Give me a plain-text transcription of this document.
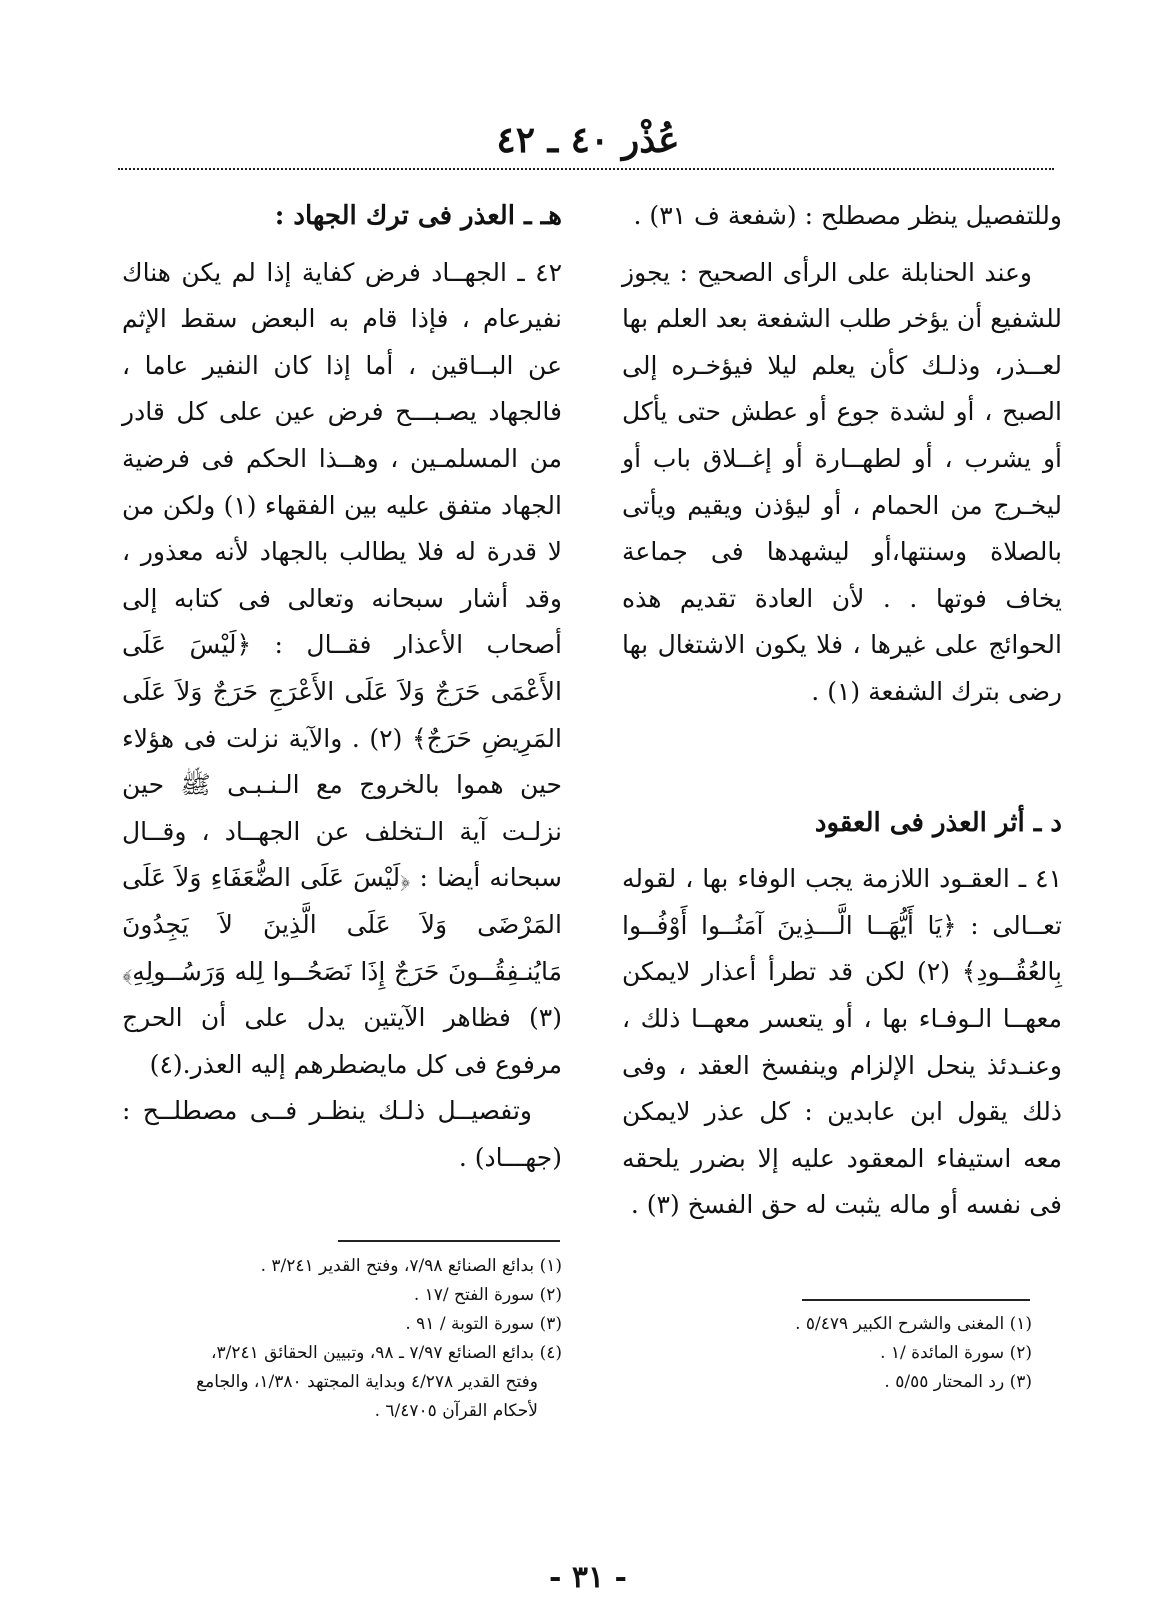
عُذْر ٤٠ ـ ٤٢

وللتفصيل ينظر مصطلح : (شفعة ف ٣١) .

وعند الحنابلة على الرأى الصحيح : يجوز للشفيع أن يؤخر طلب الشفعة بعد العلم بها لعــذر، وذلـك كأن يعلم ليلا فيؤخـره إلى الصبح ، أو لشدة جوع أو عطش حتى يأكل أو يشرب ، أو لطهــارة أو إغــلاق باب أو ليخـرج من الحمام ، أو ليؤذن ويقيم ويأتى بالصلاة وسنتها،أو ليشهدها فى جماعة يخاف فوتها . . لأن العادة تقديم هذه الحوائج على غيرها ، فلا يكون الاشتغال بها رضى بترك الشفعة (١) .

د ـ أثر العذر فى العقود

٤١ ـ العقـود اللازمة يجب الوفاء بها ، لقوله تعــالى : ﴿يَا أَيُّهَــا الَّـــذِينَ آمَنُــوا أَوْفُــوا بِالعُقُــودِ﴾ (٢) لكن قد تطرأ أعذار لايمكن معهــا الـوفـاء بها ، أو يتعسر معهــا ذلك ، وعنـدئذ ينحل الإلزام وينفسخ العقد ، وفى ذلك يقول ابن عابدين : كل عذر لايمكن معه استيفاء المعقود عليه إلا بضرر يلحقه فى نفسه أو ماله يثبت له حق الفسخ (٣) .

هـ ـ العذر فى ترك الجهاد :

٤٢ ـ الجهــاد فرض كفاية إذا لم يكن هناك نفيرعام ، فإذا قام به البعض سقط الإثم عن البــاقين ، أما إذا كان النفير عاما ، فالجهاد يصـبـــح فرض عين على كل قادر من المسلمـين ، وهــذا الحكم فى فرضية الجهاد متفق عليه بين الفقهاء (١) ولكن من لا قدرة له فلا يطالب بالجهاد لأنه معذور ، وقد أشار سبحانه وتعالى فى كتابه إلى أصحاب الأعذار فقــال : ﴿لَيْسَ عَلَى الأَعْمَى حَرَجٌ وَلاَ عَلَى الأَعْرَجِ حَرَجٌ وَلاَ عَلَى المَرِيضِ حَرَجٌ﴾ (٢) . والآية نزلت فى هؤلاء حين هموا بالخروج مع الـنـبـى ﷺ حين نزلـت آية الـتخلف عن الجهــاد ، وقــال سبحانه أيضا : ﴿لَيْسَ عَلَى الضُّعَفَاءِ وَلاَ عَلَى المَرْضَى وَلاَ عَلَى الَّذِينَ لاَ يَجِدُونَ مَايُنـفِقُــونَ حَرَجٌ إِذَا نَصَحُــوا لِله وَرَسُــولِهِ﴾ (٣) فظاهر الآيتين يدل على أن الحرج مرفوع فى كل مايضطرهم إليه العذر.(٤)

وتفصيــل ذلـك ينظـر فــى مصطلــح : (جهـــاد) .

(١) بدائع الصنائع ٧/٩٨، وفتح القدير ٣/٢٤١ .

(٢) سورة الفتح /١٧ .

(٣) سورة التوبة / ٩١ .

(٤) بدائع الصنائع ٧/٩٧ ـ ٩٨، وتبيين الحقائق ٣/٢٤١،

وفتح القدير ٤/٢٧٨ وبداية المجتهد ١/٣٨٠، والجامع

لأحكام القرآن ٦/٤٧٠٥ .

(١) المغنى والشرح الكبير ٥/٤٧٩ .

(٢) سورة المائدة /١ .

(٣) رد المحتار ٥/٥٥ .

- ٣١ -
